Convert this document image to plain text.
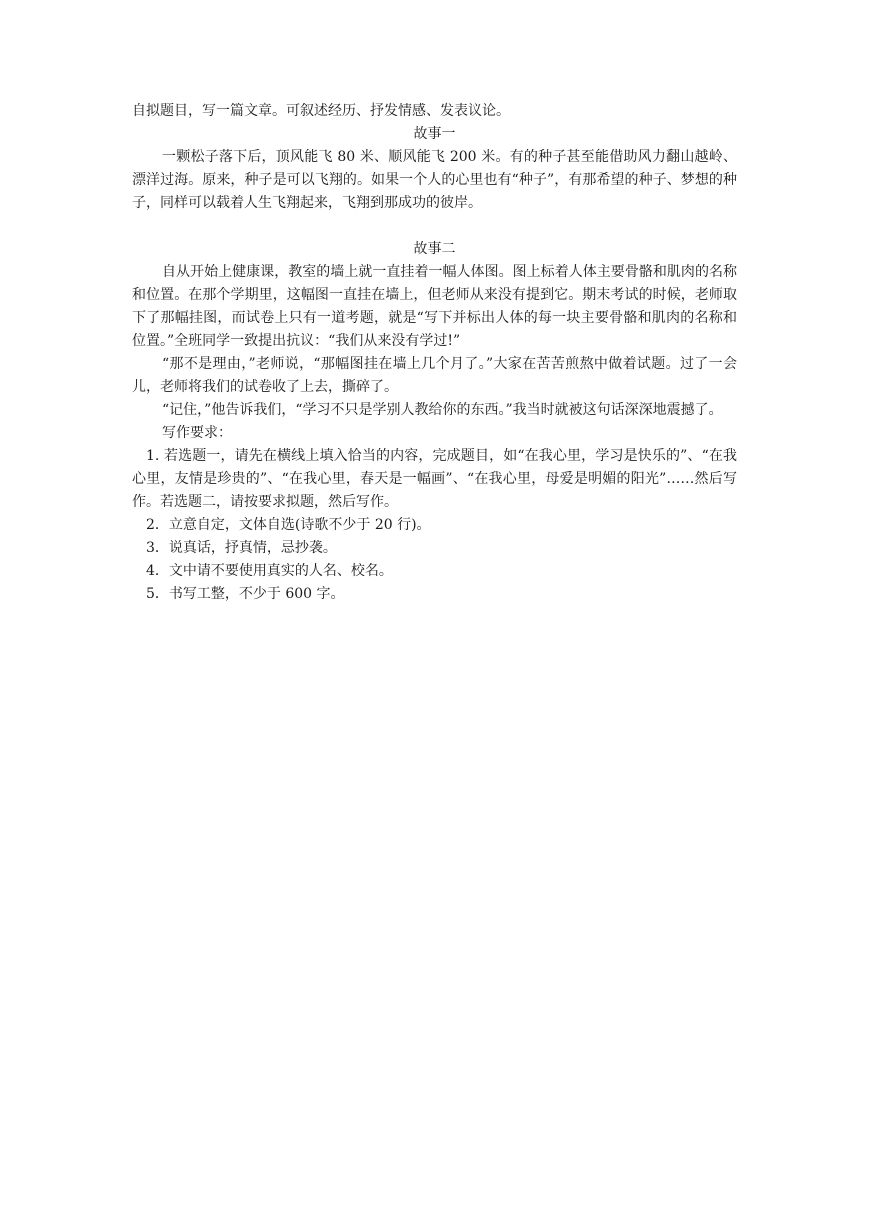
自拟题目，写一篇文章。可叙述经历、抒发情感、发表议论。

故事一

一颗松子落下后，顶风能飞 80 米、顺风能飞 200 米。有的种子甚至能借助风力翻山越岭、漂洋过海。原来，种子是可以飞翔的。如果一个人的心里也有“种子”，有那希望的种子、梦想的种子，同样可以载着人生飞翔起来，飞翔到那成功的彼岸。

故事二

自从开始上健康课，教室的墙上就一直挂着一幅人体图。图上标着人体主要骨骼和肌肉的名称和位置。在那个学期里，这幅图一直挂在墙上，但老师从来没有提到它。期末考试的时候，老师取下了那幅挂图，而试卷上只有一道考题，就是“写下并标出人体的每一块主要骨骼和肌肉的名称和位置。”全班同学一致提出抗议：“我们从来没有学过!”

“那不是理由，”老师说，“那幅图挂在墙上几个月了。”大家在苦苦煎熬中做着试题。过了一会儿，老师将我们的试卷收了上去，撕碎了。

“记住，”他告诉我们，“学习不只是学别人教给你的东西。”我当时就被这句话深深地震撼了。

写作要求：

1. 若选题一，请先在横线上填入恰当的内容，完成题目，如“在我心里，学习是快乐的”、“在我心里，友情是珍贵的”、“在我心里，春天是一幅画”、“在我心里，母爱是明媚的阳光”……然后写作。若选题二，请按要求拟题，然后写作。

2．立意自定，文体自选(诗歌不少于 20 行)。

3．说真话，抒真情，忌抄袭。

4．文中请不要使用真实的人名、校名。

5．书写工整，不少于 600 字。
